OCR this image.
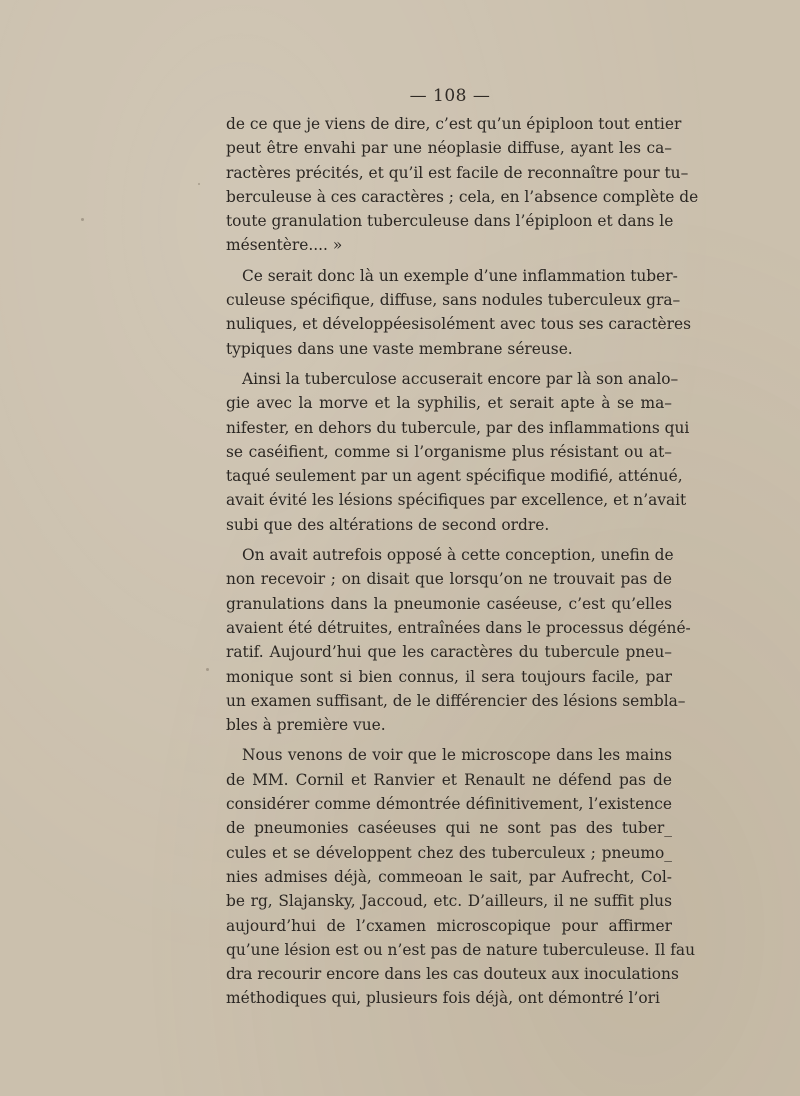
— 108 —
de ce que je viens de dire, c’est qu’un épiploon tout entier
peut être envahi par une néoplasie diffuse, ayant les ca–
ractères précités, et qu’il est facile de reconnaître pour tu–
berculeuse à ces caractères ; cela, en l’absence complète de
toute granulation tuberculeuse dans l’épiploon et dans le
mésentère.... »
Ce serait donc là un exemple d’une inflammation tuber-
culeuse spécifique, diffuse, sans nodules tuberculeux gra–
nuliques, et développéesisolément avec tous ses caractères
typiques dans une vaste membrane séreuse.
Ainsi la tuberculose accuserait encore par là son analo–
gie avec la morve et la syphilis, et serait apte à se ma–
nifester, en dehors du tubercule, par des inflammations qui
se caséifient, comme si l’organisme plus résistant ou at–
taqué seulement par un agent spécifique modifié, atténué,
avait évité les lésions spécifiques par excellence, et n’avait
subi que des altérations de second ordre.
On avait autrefois opposé à cette conception, unefin de
non recevoir ; on disait que lorsqu’on ne trouvait pas de
granulations dans la pneumonie caséeuse, c’est qu’elles
avaient été détruites, entraînées dans le processus dégéné-
ratif. Aujourd’hui que les caractères du tubercule pneu–
monique sont si bien connus, il sera toujours facile, par
un examen suffisant, de le différencier des lésions sembla–
bles à première vue.
Nous venons de voir que le microscope dans les mains
de MM. Cornil et Ranvier et Renault ne défend pas de
considérer comme démontrée définitivement, l’existence
de pneumonies caséeuses qui ne sont pas des tuber_
cules et se développent chez des tuberculeux ; pneumo_
nies admises déjà, commeoan le sait, par Aufrecht, Col-
be rg, Slajansky, Jaccoud, etc. D’ailleurs, il ne suffit plus
aujourd’hui de l’cxamen microscopique pour affirmer
qu’une lésion est ou n’est pas de nature tuberculeuse. Il fau
dra recourir encore dans les cas douteux aux inoculations
méthodiques qui, plusieurs fois déjà, ont démontré l’ori
